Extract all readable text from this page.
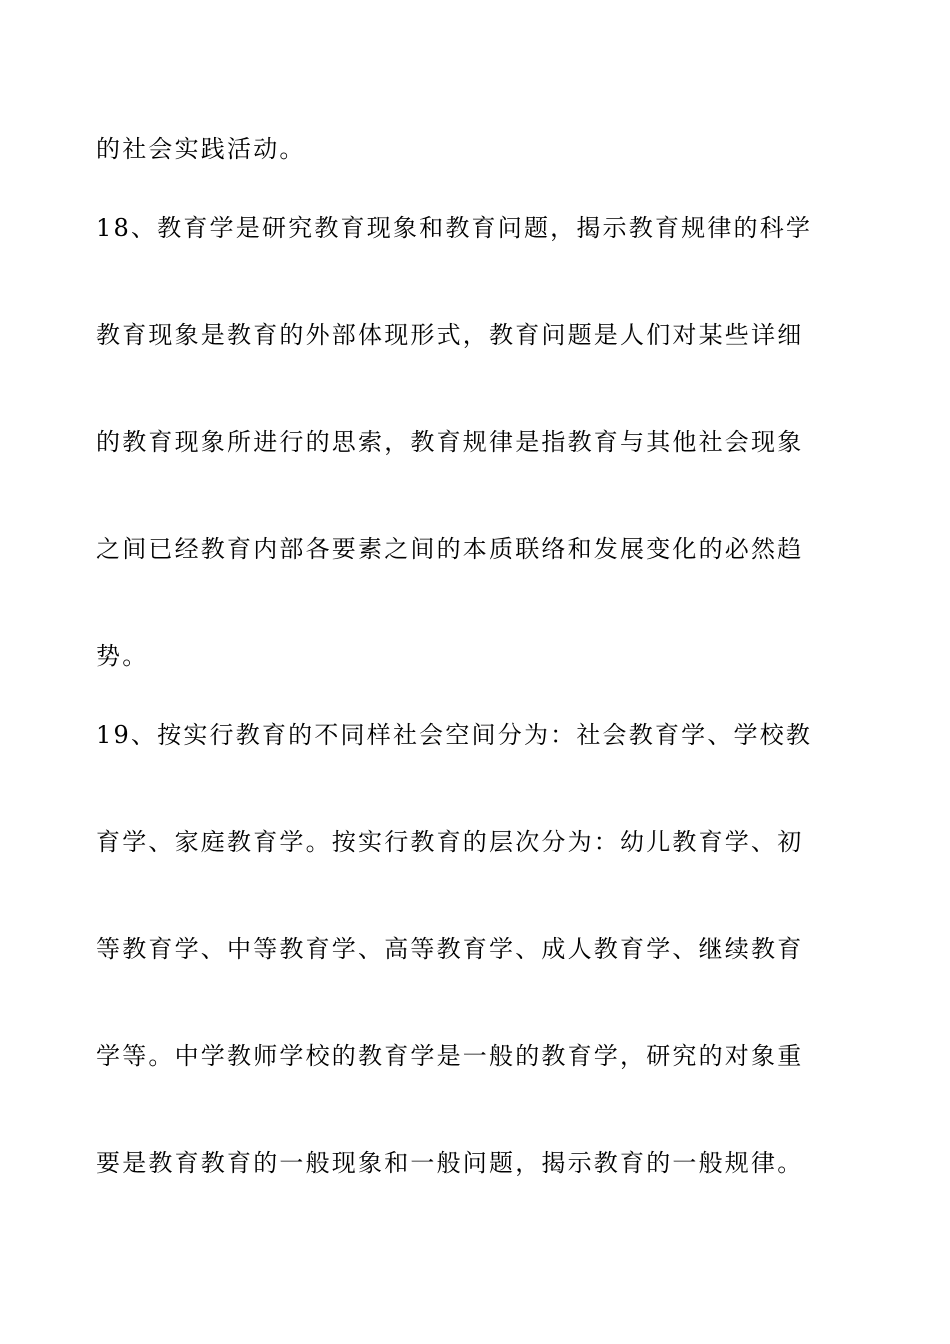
的社会实践活动。
18、教育学是研究教育现象和教育问题，揭示教育规律的科学
教育现象是教育的外部体现形式，教育问题是人们对某些详细
的教育现象所进行的思索，教育规律是指教育与其他社会现象
之间已经教育内部各要素之间的本质联络和发展变化的必然趋
势。
19、按实行教育的不同样社会空间分为：社会教育学、学校教
育学、家庭教育学。按实行教育的层次分为：幼儿教育学、初
等教育学、中等教育学、高等教育学、成人教育学、继续教育
学等。中学教师学校的教育学是一般的教育学，研究的对象重
要是教育教育的一般现象和一般问题，揭示教育的一般规律。
